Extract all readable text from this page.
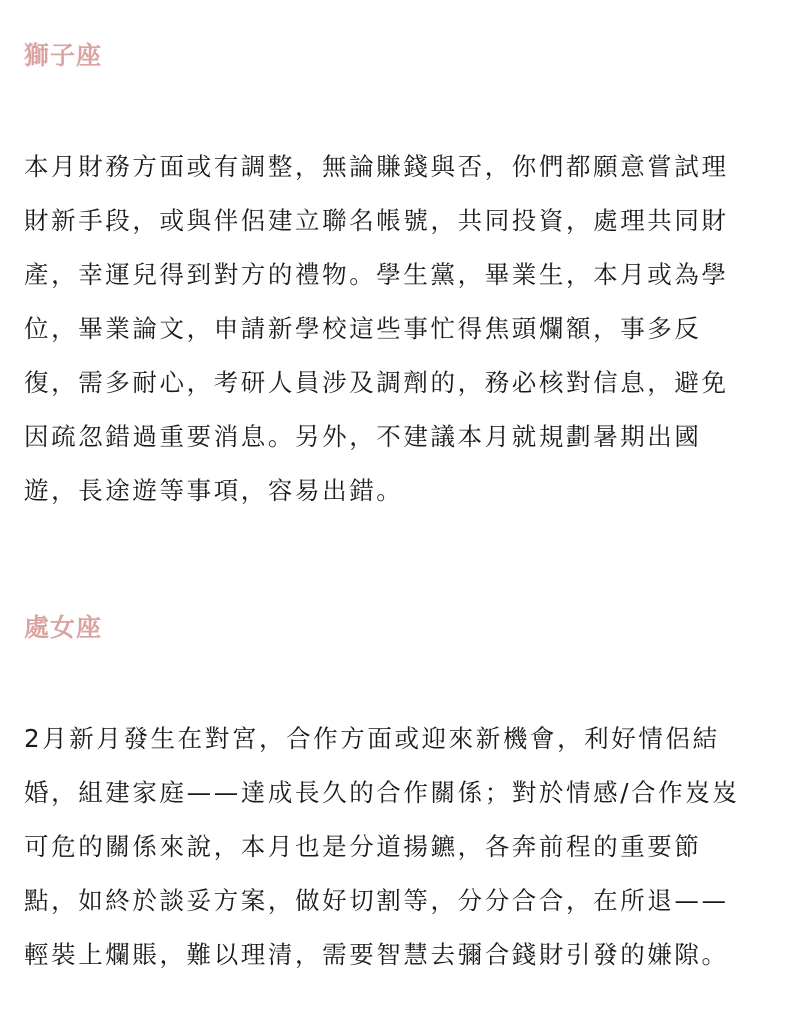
獅子座

本月財務方面或有調整，無論賺錢與否，你們都願意嘗試理
財新手段，或與伴侶建立聯名帳號，共同投資，處理共同財
產，幸運兒得到對方的禮物。學生黨，畢業生，本月或為學
位，畢業論文，申請新學校這些事忙得焦頭爛額，事多反
復，需多耐心，考研人員涉及調劑的，務必核對信息，避免
因疏忽錯過重要消息。另外，不建議本月就規劃暑期出國
遊，長途遊等事項，容易出錯。

處女座

2月新月發生在對宮，合作方面或迎來新機會，利好情侶結
婚，組建家庭——達成長久的合作關係；對於情感/合作岌岌
可危的關係來說，本月也是分道揚鑣，各奔前程的重要節
點，如終於談妥方案，做好切割等，分分合合，在所退——
輕裝上爛賬，難以理清，需要智慧去彌合錢財引發的嫌隙。
